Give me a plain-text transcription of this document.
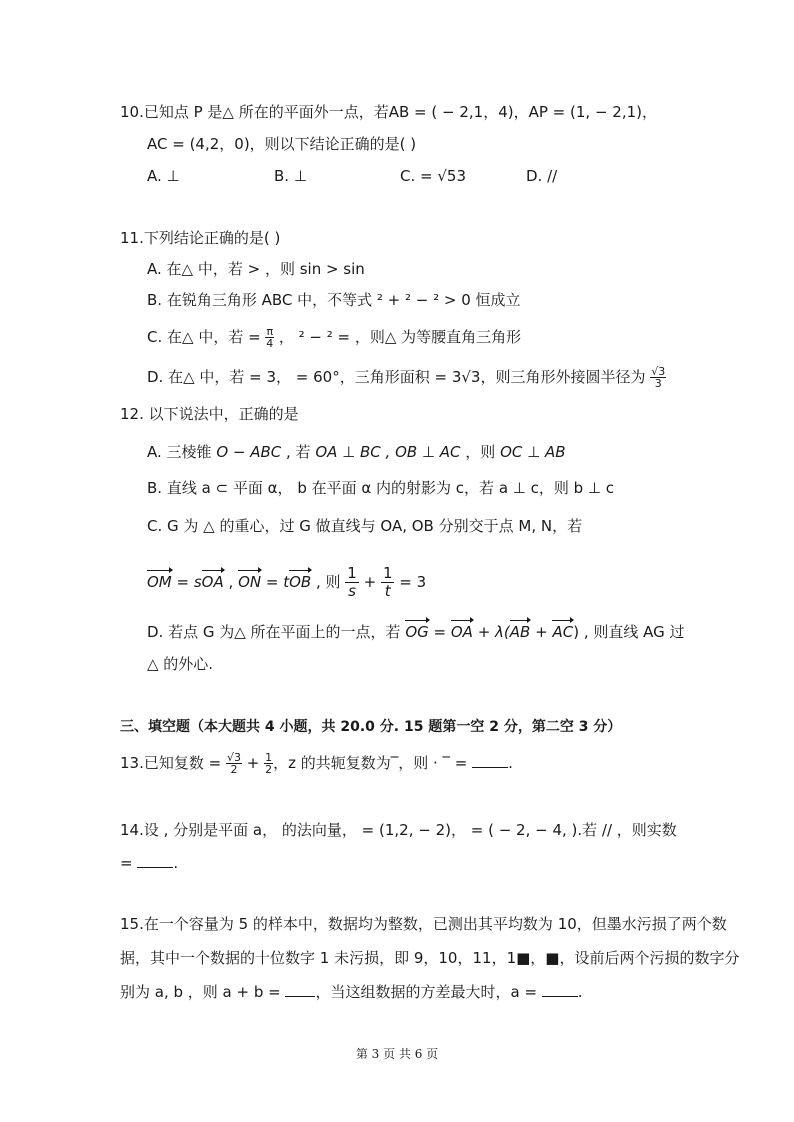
10.已知点 P 是△ 所在的平面外一点，若AB = ( − 2,1，4)，AP = (1, − 2,1)，
AC = (4,2，0)，则以下结论正确的是( )
A. ⊥	B. ⊥	C. = √53	D. //
11.下列结论正确的是( )
A. 在△ 中，若 > ，则 sin > sin
B. 在锐角三角形 ABC 中，不等式 ² + ² − ² > 0 恒成立
C. 在△ 中，若 = $\frac{\pi}{4}$ ， ² − ² = ，则△ 为等腰直角三角形
D. 在△ 中，若 = 3， = 60°，三角形面积 = 3√3，则三角形外接圆半径为 $\frac{√3}{3}$
12. 以下说法中，正确的是
A. 三棱锥 O − ABC , 若 OA ⊥ BC , OB ⊥ AC ，则 OC ⊥ AB
B. 直线 a ⊂ 平面 α， b 在平面 α 内的射影为 c，若 a ⊥ c，则 b ⊥ c
C. G 为 △ 的重心，过 G 做直线与 OA, OB 分别交于点 M, N，若
OM = sOA , ON = tOB , 则 $\frac{1}{s} + \frac{1}{t} = 3$
D. 若点 G 为△ 所在平面上的一点，若 OG = OA + λ(AB + AC) , 则直线 AG 过
△ 的外心.
三、填空题（本大题共 4 小题，共 20.0 分. 15 题第一空 2 分，第二空 3 分）
13.已知复数 = $\frac{√3}{2} + \frac{1}{2}$ ，z 的共轭复数为‾，则 · ‾ = .
14.设 , 分别是平面 a， 的法向量， = (1,2, − 2)， = ( − 2, − 4, ).若 // ，则实数
= .
15.在一个容量为 5 的样本中，数据均为整数，已测出其平均数为 10，但墨水污损了两个数
据，其中一个数据的十位数字 1 未污损，即 9，10，11，1■，■，设前后两个污损的数字分
别为 a, b ，则 a + b = ，当这组数据的方差最大时，a = .
第 3 页 共 6 页
